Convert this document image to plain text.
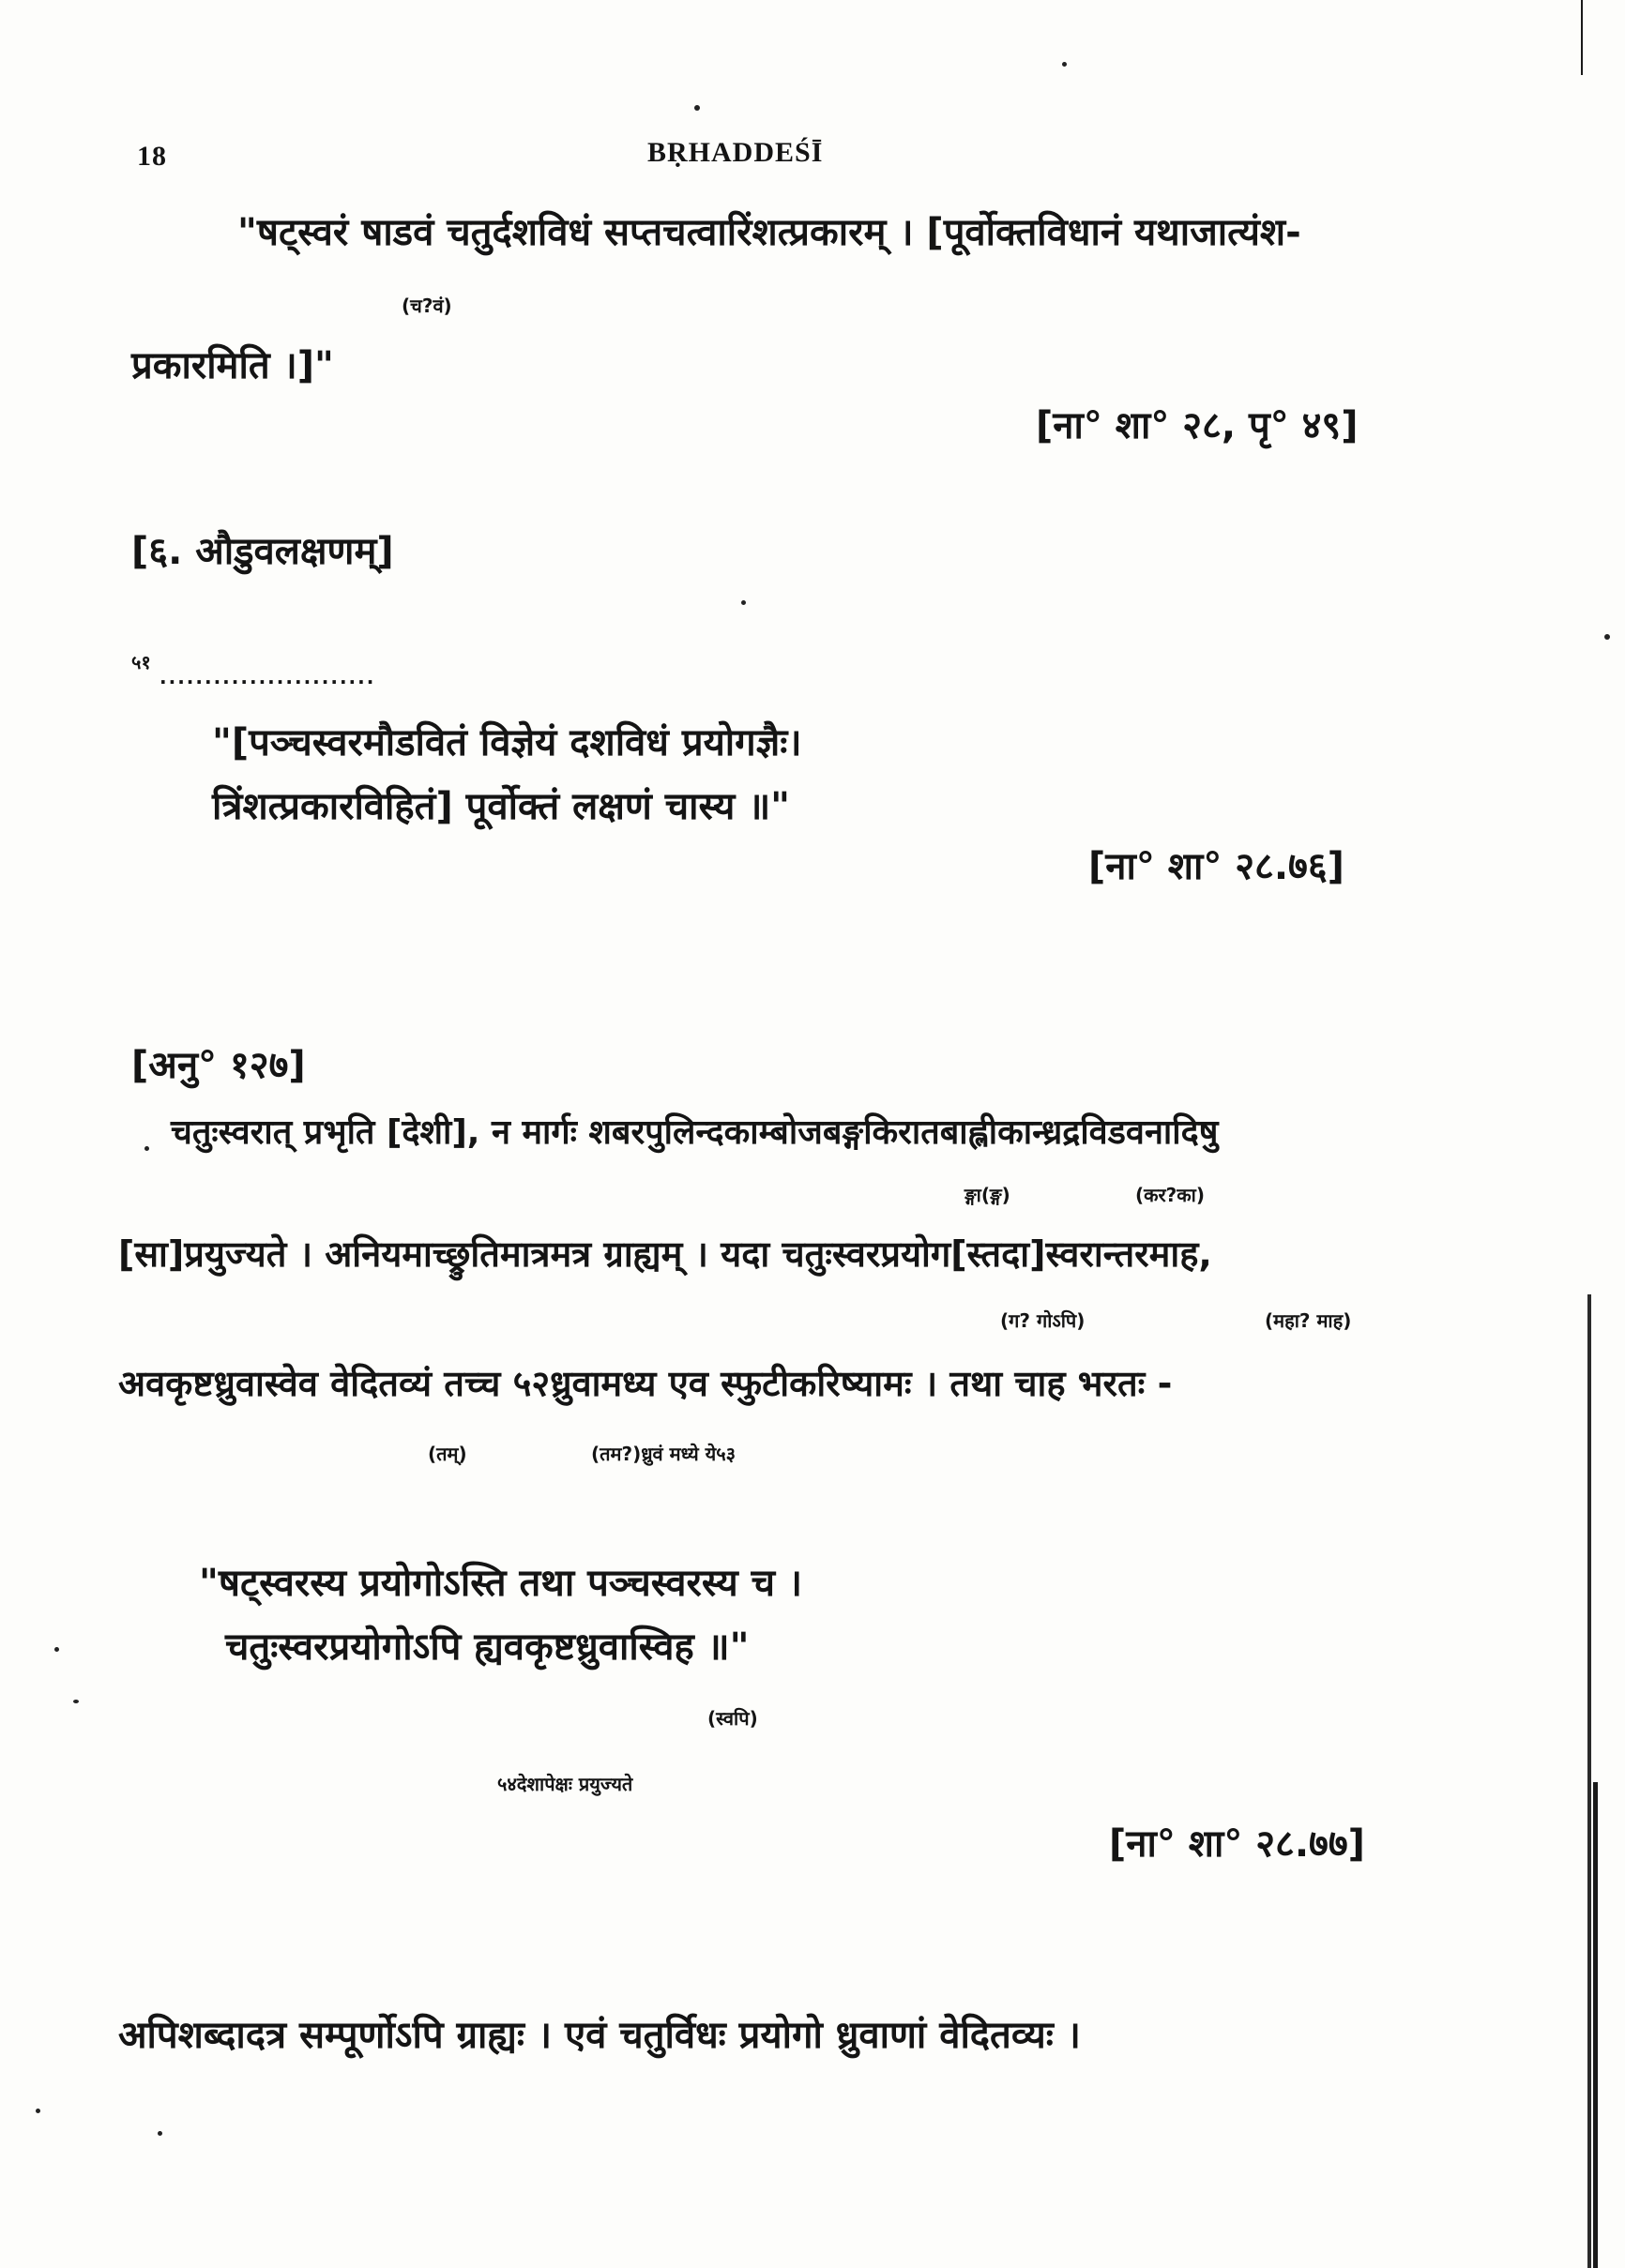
18	BṚHADDEŚĪ
"षट्स्वरं षाडवं चतुर्दशविधं सप्तचत्वारिंशत्प्रकारम् । [पूर्वोक्तविधानं यथाजात्यंश-
(च?वं)
प्रकारमिति ।]"
[ना° शा° २८, पृ° ४९]
[६. औडुवलक्षणम्]
५१
........................
"[पञ्चस्वरमौडवितं विज्ञेयं दशविधं प्रयोगज्ञैः।
त्रिंशत्प्रकारविहितं] पूर्वोक्तं लक्षणं चास्य ॥"
[ना° शा° २८.७६]
[अनु° १२७]
चतुःस्वरात् प्रभृति [देशी], न मार्गः शबरपुलिन्दकाम्बोजबङ्गकिरातबाह्लीकान्ध्रद्रविडवनादिषु
ङ्गा(ङ्ग)	(कर?का)
[सा]प्रयुज्यते । अनियमाच्छ्रुतिमात्रमत्र ग्राह्यम् । यदा चतुःस्वरप्रयोग[स्तदा]स्वरान्तरमाह,
(ग? गोऽपि)	(महा? माह)
अवकृष्टध्रुवास्वेव वेदितव्यं तच्च ५२ध्रुवामध्य एव स्फुटीकरिष्यामः । तथा चाह भरतः -
(तम्)	(तम?)ध्रुवं मध्ये ये५३
"षट्स्वरस्य प्रयोगोऽस्ति तथा पञ्चस्वरस्य च ।
चतुःस्वरप्रयोगोऽपि ह्यवकृष्टध्रुवास्विह ॥"
(स्वपि)
५४देशापेक्षः प्रयुज्यते
[ना° शा° २८.७७]
अपिशब्दादत्र सम्पूर्णोऽपि ग्राह्यः । एवं चतुर्विधः प्रयोगो ध्रुवाणां वेदितव्यः ।
